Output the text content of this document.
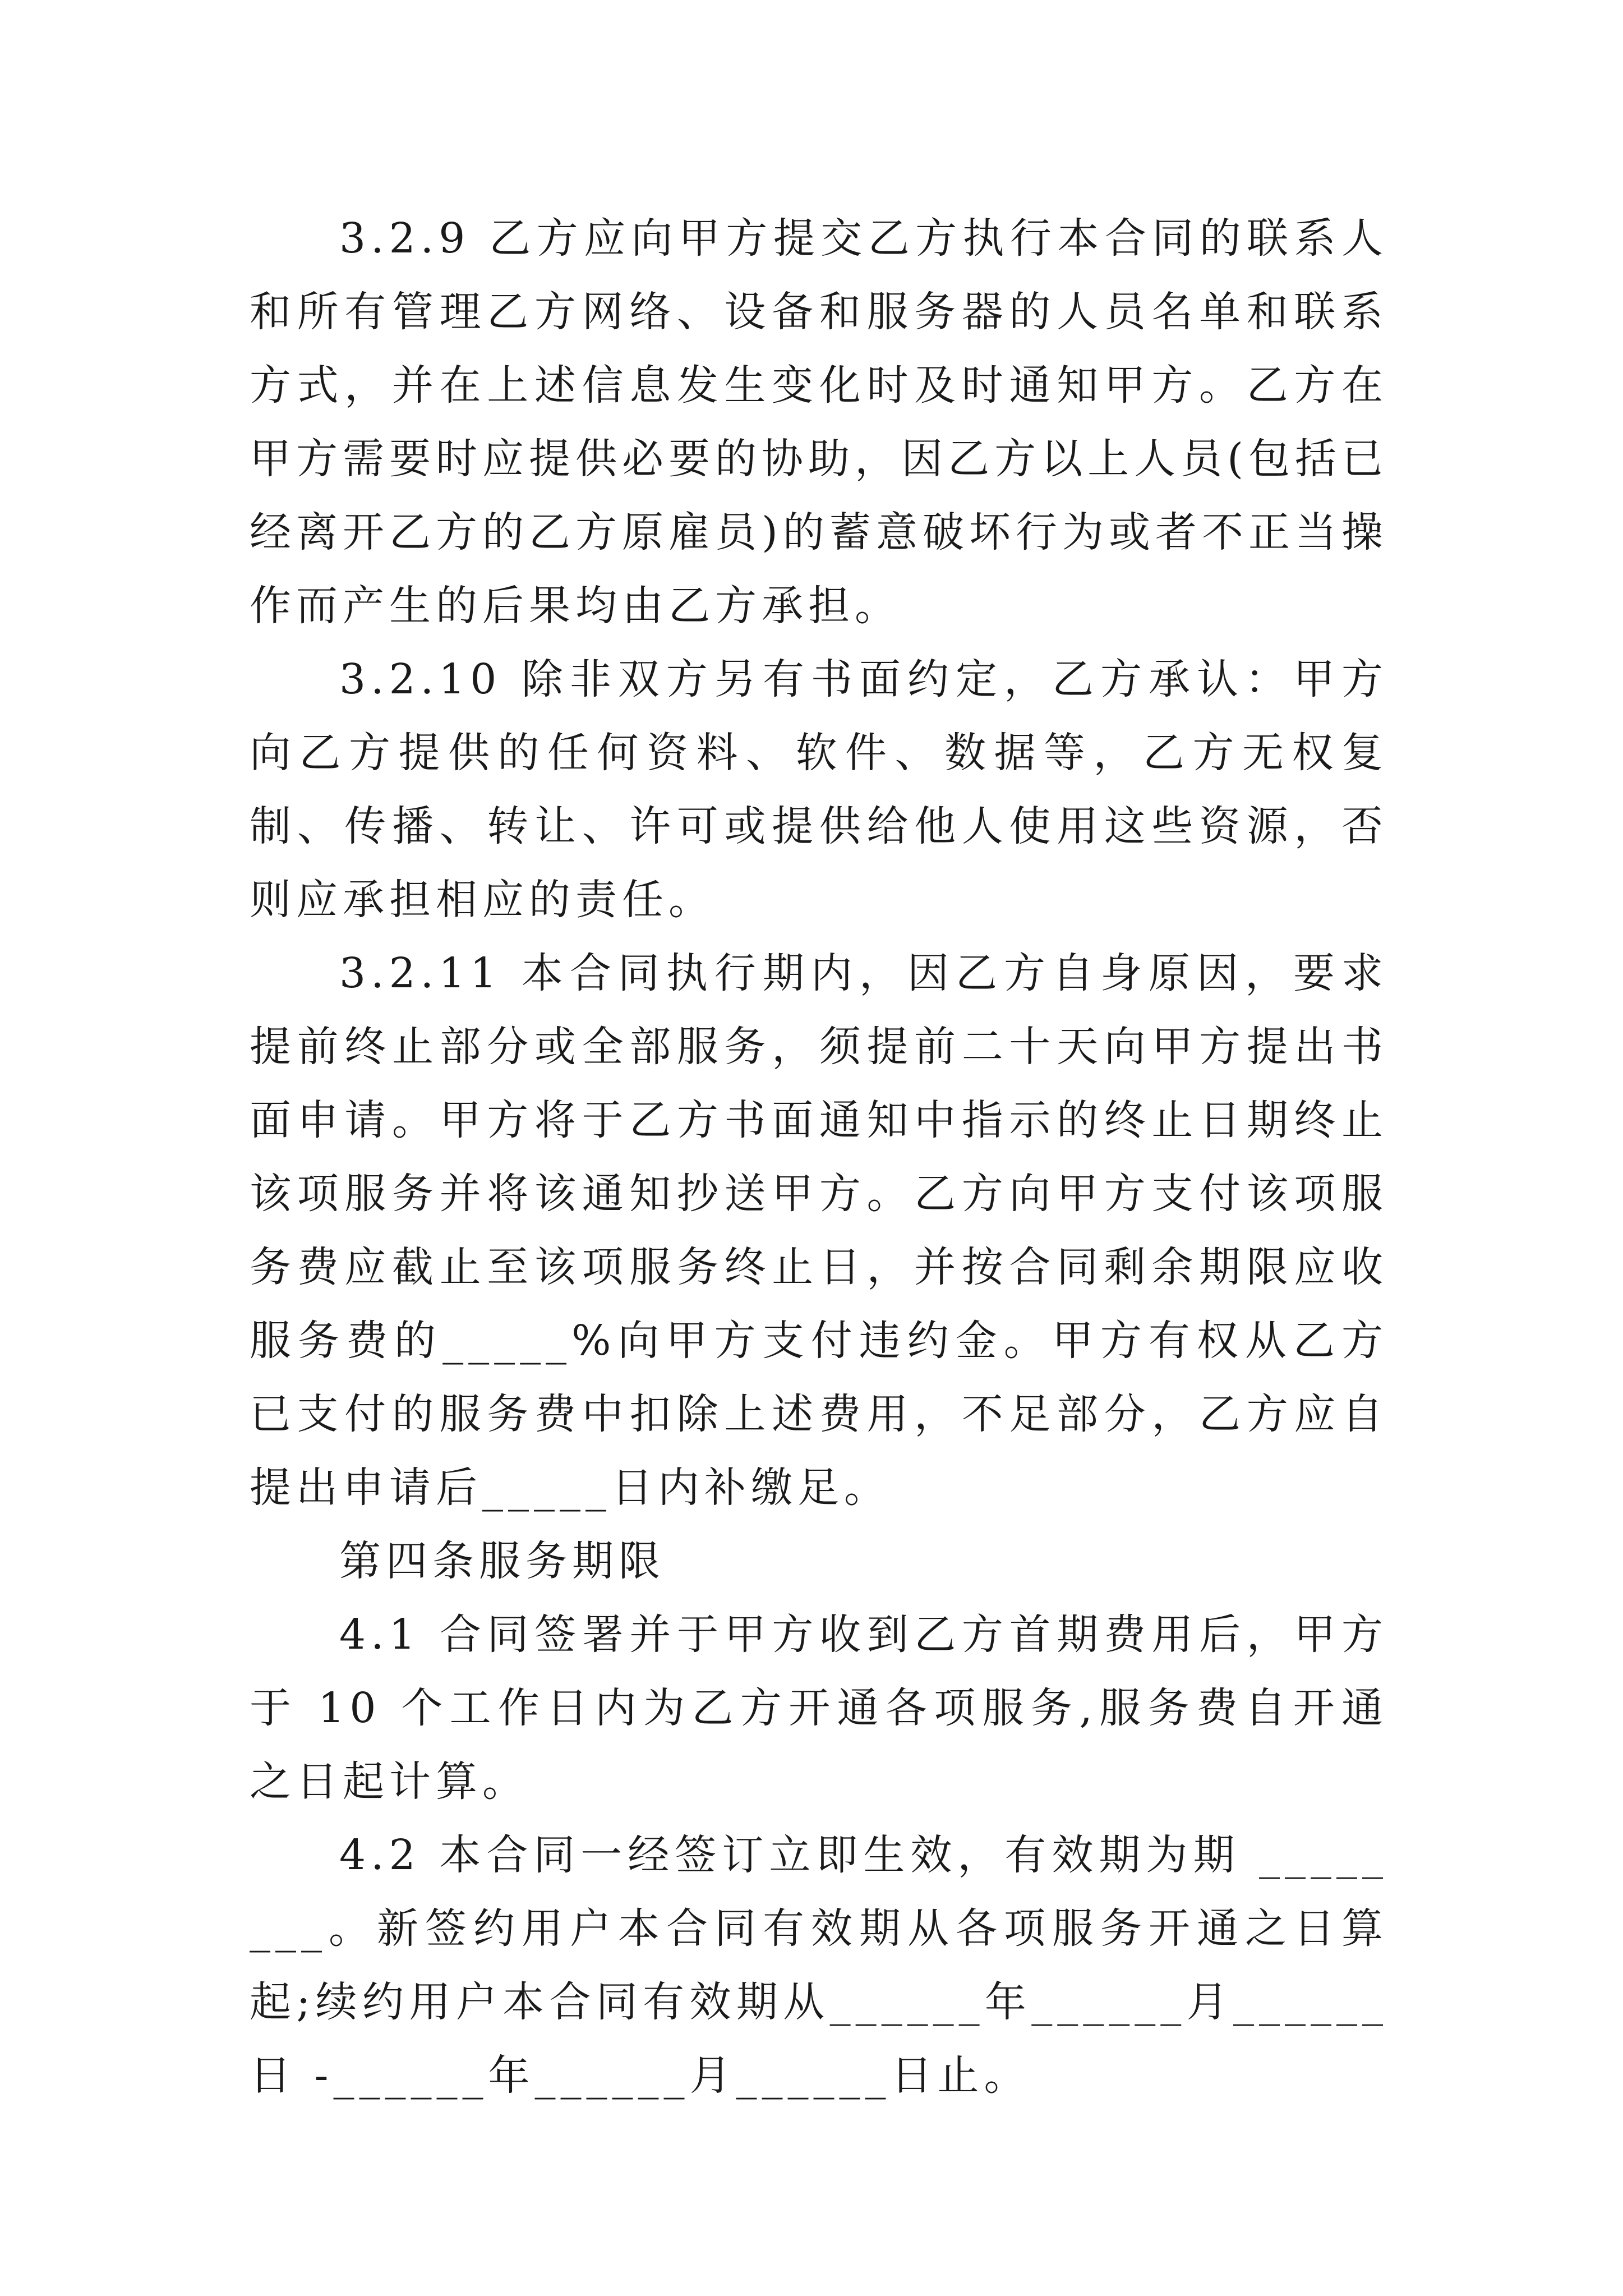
3.2.9 乙方应向甲方提交乙方执行本合同的联系人和所有管理乙方网络、设备和服务器的人员名单和联系方式，并在上述信息发生变化时及时通知甲方。乙方在甲方需要时应提供必要的协助，因乙方以上人员(包括已经离开乙方的乙方原雇员)的蓄意破坏行为或者不正当操作而产生的后果均由乙方承担。

3.2.10 除非双方另有书面约定，乙方承认：甲方向乙方提供的任何资料、软件、数据等，乙方无权复制、传播、转让、许可或提供给他人使用这些资源，否则应承担相应的责任。

3.2.11 本合同执行期内，因乙方自身原因，要求提前终止部分或全部服务，须提前二十天向甲方提出书面申请。甲方将于乙方书面通知中指示的终止日期终止该项服务并将该通知抄送甲方。乙方向甲方支付该项服务费应截止至该项服务终止日，并按合同剩余期限应收服务费的_____%向甲方支付违约金。甲方有权从乙方已支付的服务费中扣除上述费用，不足部分，乙方应自提出申请后_____日内补缴足。

第四条服务期限

4.1 合同签署并于甲方收到乙方首期费用后，甲方于 10 个工作日内为乙方开通各项服务,服务费自开通之日起计算。

4.2 本合同一经签订立即生效，有效期为期 ________。新签约用户本合同有效期从各项服务开通之日算起;续约用户本合同有效期从______年______月______日 -______年______月______日止。
